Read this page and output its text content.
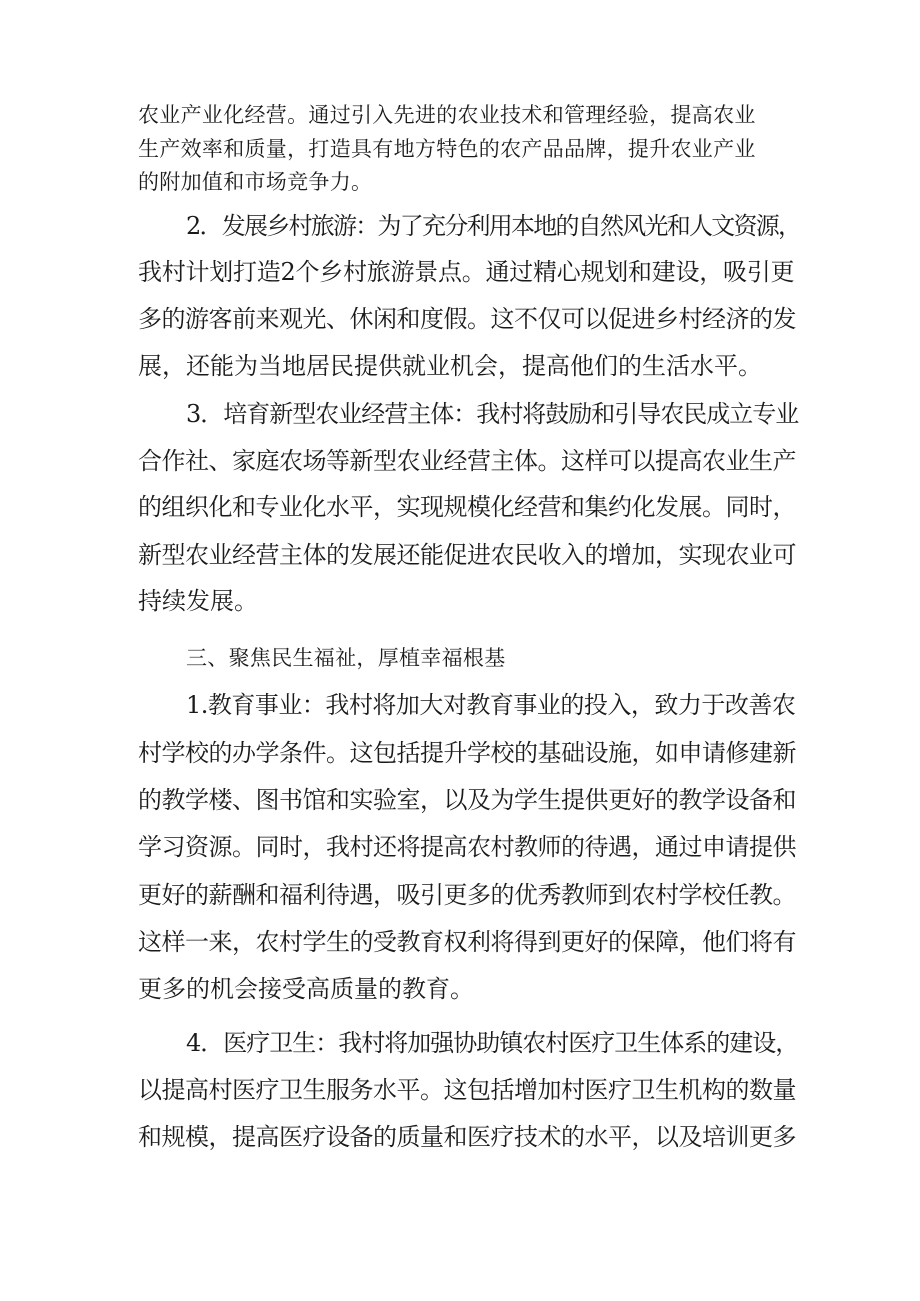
农业产业化经营。通过引入先进的农业技术和管理经验，提高农业
生产效率和质量，打造具有地方特色的农产品品牌，提升农业产业
的附加值和市场竞争力。
2．发展乡村旅游：为了充分利用本地的自然风光和人文资源，
我村计划打造2个乡村旅游景点。通过精心规划和建设，吸引更
多的游客前来观光、休闲和度假。这不仅可以促进乡村经济的发
展，还能为当地居民提供就业机会，提高他们的生活水平。
3．培育新型农业经营主体：我村将鼓励和引导农民成立专业
合作社、家庭农场等新型农业经营主体。这样可以提高农业生产
的组织化和专业化水平，实现规模化经营和集约化发展。同时，
新型农业经营主体的发展还能促进农民收入的增加，实现农业可
持续发展。
三、聚焦民生福祉，厚植幸福根基
1.教育事业：我村将加大对教育事业的投入，致力于改善农
村学校的办学条件。这包括提升学校的基础设施，如申请修建新
的教学楼、图书馆和实验室，以及为学生提供更好的教学设备和
学习资源。同时，我村还将提高农村教师的待遇，通过申请提供
更好的薪酬和福利待遇，吸引更多的优秀教师到农村学校任教。
这样一来，农村学生的受教育权利将得到更好的保障，他们将有
更多的机会接受高质量的教育。
4．医疗卫生：我村将加强协助镇农村医疗卫生体系的建设，
以提高村医疗卫生服务水平。这包括增加村医疗卫生机构的数量
和规模，提高医疗设备的质量和医疗技术的水平，以及培训更多
